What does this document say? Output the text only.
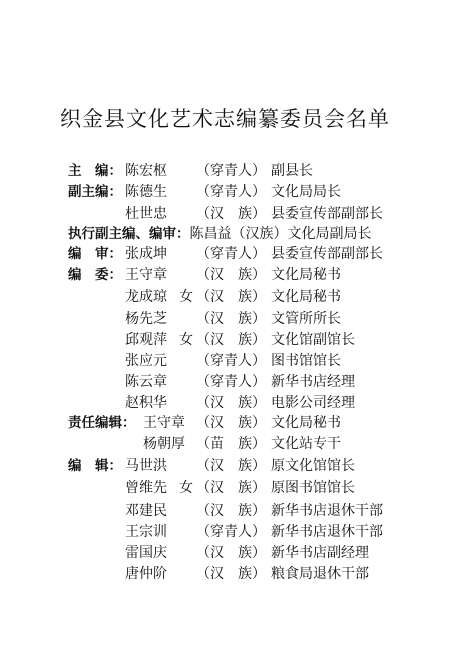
织金县文化艺术志编纂委员会名单
主　编： 陈宏枢 （穿青人） 副县长
副主编： 陈德生 （穿青人） 文化局局长
杜世忠 （汉　族） 县委宣传部副部长
执行副主编、编审：陈昌益（汉族）文化局副局长
编　审： 张成坤 （穿青人） 县委宣传部副部长
编　委： 王守章 （汉　族） 文化局秘书
龙成琼 女 （汉　族） 文化局秘书
杨先芝 （汉　族） 文管所所长
邱观萍 女 （汉　族） 文化馆副馆长
张应元 （穿青人） 图书馆馆长
陈云章 （穿青人） 新华书店经理
赵积华 （汉　族） 电影公司经理
责任编辑： 王守章 （汉　族） 文化局秘书
杨朝厚 （苗　族） 文化站专干
编　辑： 马世洪 （汉　族） 原文化馆馆长
曾维先 女 （汉　族） 原图书馆馆长
邓建民 （汉　族） 新华书店退休干部
王宗训 （穿青人） 新华书店退休干部
雷国庆 （汉　族） 新华书店副经理
唐仲阶 （汉　族） 粮食局退休干部
